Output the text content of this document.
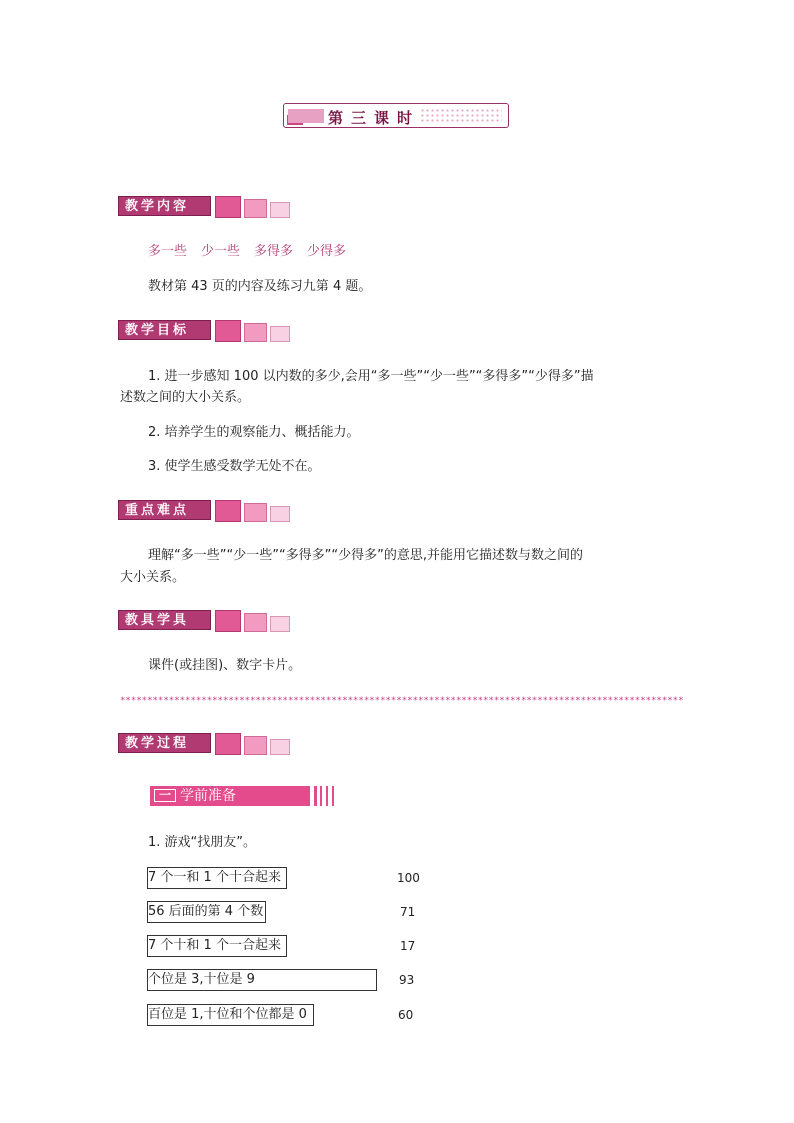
第三课时
教学内容
多一些 少一些 多得多 少得多
教材第 43 页的内容及练习九第 4 题。
教学目标
1. 进一步感知 100 以内数的多少,会用“多一些”“少一些”“多得多”“少得多”描
述数之间的大小关系。
2. 培养学生的观察能力、概括能力。
3. 使学生感受数学无处不在。
重点难点
理解“多一些”“少一些”“多得多”“少得多”的意思,并能用它描述数与数之间的
大小关系。
教具学具
课件(或挂图)、数字卡片。
********************************************************************************************************
教学过程
一 学前准备
1. 游戏“找朋友”。
7 个一和 1 个十合起来	100
56 后面的第 4 个数	71
7 个十和 1 个一合起来	17
个位是 3,十位是 9	93
百位是 1,十位和个位都是 0	60
